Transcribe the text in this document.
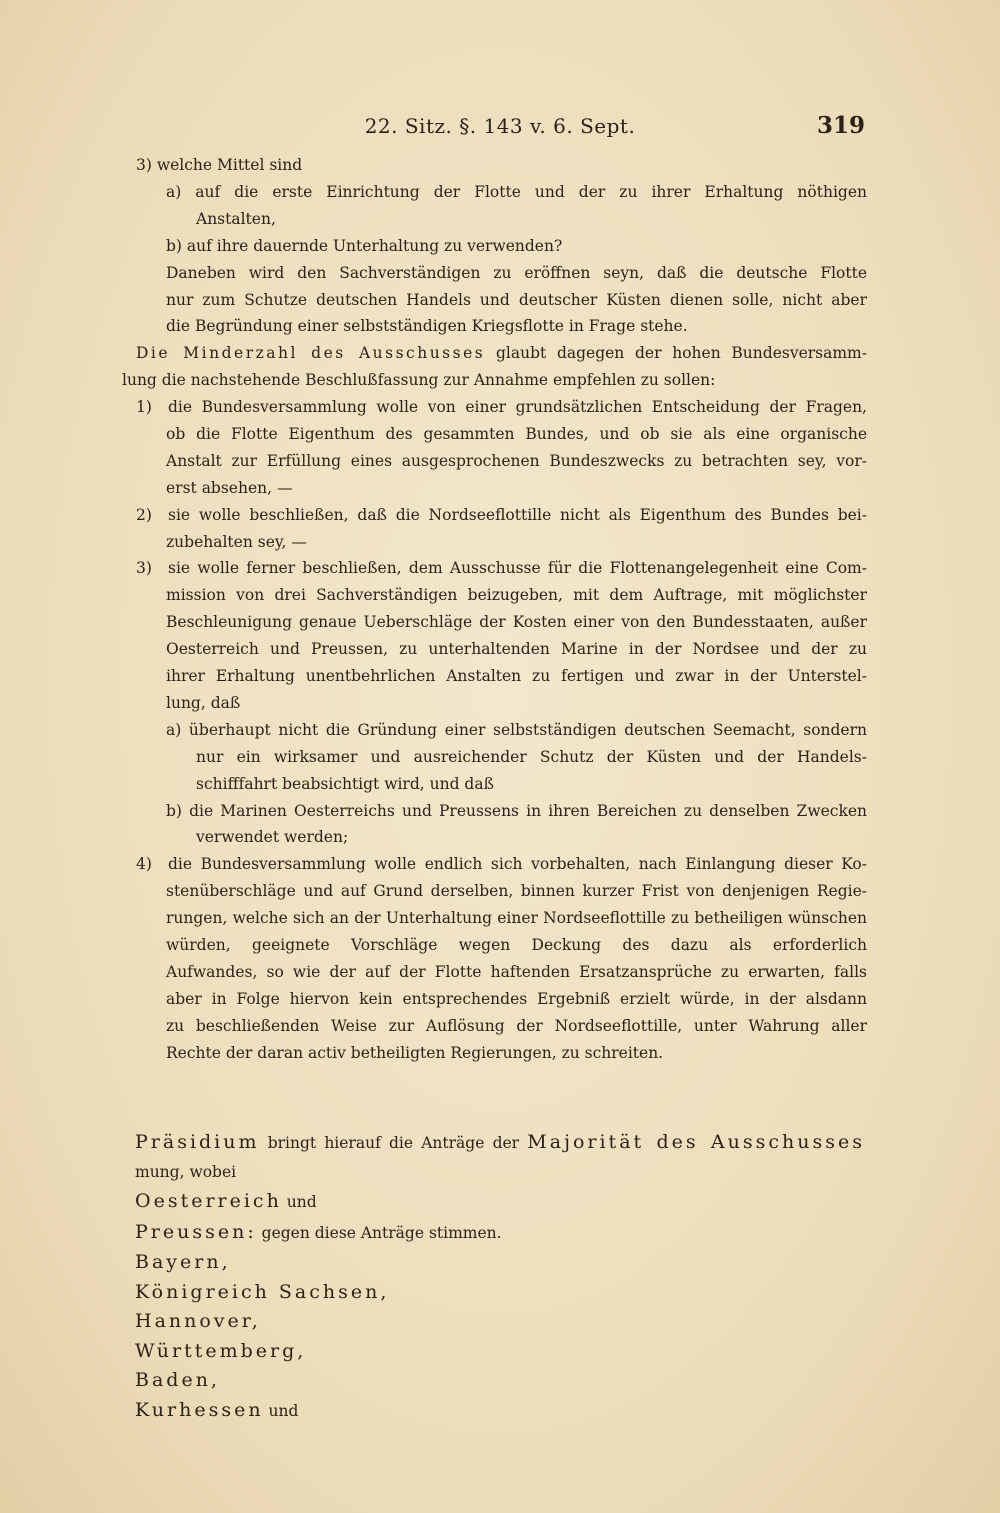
22. Sitz. §. 143 v. 6. Sept.	319
3) welche Mittel sind
a) auf die erste Einrichtung der Flotte und der zu ihrer Erhaltung nöthigen
Anstalten,
b) auf ihre dauernde Unterhaltung zu verwenden?
Daneben wird den Sachverständigen zu eröffnen seyn, daß die deutsche Flotte
nur zum Schutze deutschen Handels und deutscher Küsten dienen solle, nicht aber
die Begründung einer selbstständigen Kriegsflotte in Frage stehe.
Die Minderzahl des Ausschusses glaubt dagegen der hohen Bundesversamm-
lung die nachstehende Beschlußfassung zur Annahme empfehlen zu sollen:
1) die Bundesversammlung wolle von einer grundsätzlichen Entscheidung der Fragen,
ob die Flotte Eigenthum des gesammten Bundes, und ob sie als eine organische
Anstalt zur Erfüllung eines ausgesprochenen Bundeszwecks zu betrachten sey, vor-
erst absehen, —
2) sie wolle beschließen, daß die Nordseeflottille nicht als Eigenthum des Bundes bei-
zubehalten sey, —
3) sie wolle ferner beschließen, dem Ausschusse für die Flottenangelegenheit eine Com-
mission von drei Sachverständigen beizugeben, mit dem Auftrage, mit möglichster
Beschleunigung genaue Ueberschläge der Kosten einer von den Bundesstaaten, außer
Oesterreich und Preussen, zu unterhaltenden Marine in der Nordsee und der zu
ihrer Erhaltung unentbehrlichen Anstalten zu fertigen und zwar in der Unterstel-
lung, daß
a) überhaupt nicht die Gründung einer selbstständigen deutschen Seemacht, sondern
nur ein wirksamer und ausreichender Schutz der Küsten und der Handels-
schifffahrt beabsichtigt wird, und daß
b) die Marinen Oesterreichs und Preussens in ihren Bereichen zu denselben Zwecken
verwendet werden;
4) die Bundesversammlung wolle endlich sich vorbehalten, nach Einlangung dieser Ko-
stenüberschläge und auf Grund derselben, binnen kurzer Frist von denjenigen Regie-
rungen, welche sich an der Unterhaltung einer Nordseeflottille zu betheiligen wünschen
würden, geeignete Vorschläge wegen Deckung des dazu als erforderlich
Aufwandes, so wie der auf der Flotte haftenden Ersatzansprüche zu erwarten, falls
aber in Folge hiervon kein entsprechendes Ergebniß erzielt würde, in der alsdann
zu beschließenden Weise zur Auflösung der Nordseeflottille, unter Wahrung aller
Rechte der daran activ betheiligten Regierungen, zu schreiten.
Präsidium bringt hierauf die Anträge der Majorität des Ausschusses
mung, wobei
Oesterreich und
Preussen: gegen diese Anträge stimmen.
Bayern,
Königreich Sachsen,
Hannover,
Württemberg,
Baden,
Kurhessen und
